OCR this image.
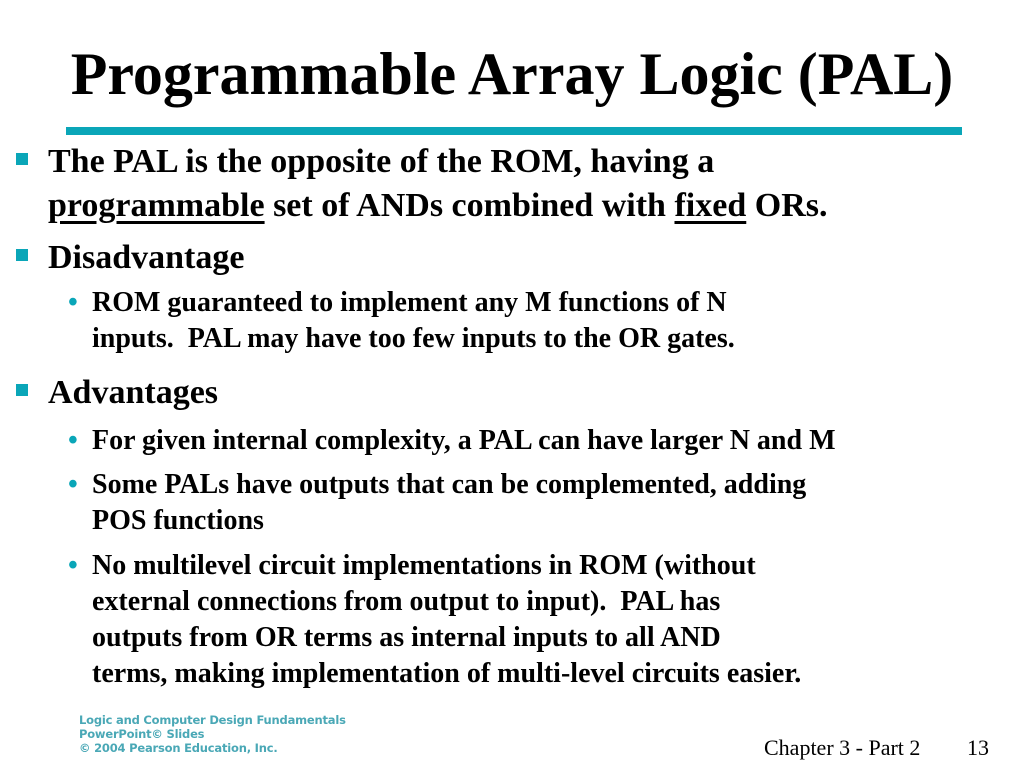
Programmable Array Logic (PAL)
The PAL is the opposite of the ROM, having a
programmable set of ANDs combined with fixed ORs.
Disadvantage
• ROM guaranteed to implement any M functions of N
inputs.  PAL may have too few inputs to the OR gates.
Advantages
• For given internal complexity, a PAL can have larger N and M
• Some PALs have outputs that can be complemented, adding
POS functions
• No multilevel circuit implementations in ROM (without
external connections from output to input).  PAL has
outputs from OR terms as internal inputs to all AND
terms, making implementation of multi-level circuits easier.
Logic and Computer Design Fundamentals
PowerPoint© Slides
© 2004 Pearson Education, Inc.	Chapter 3 - Part 2 13
